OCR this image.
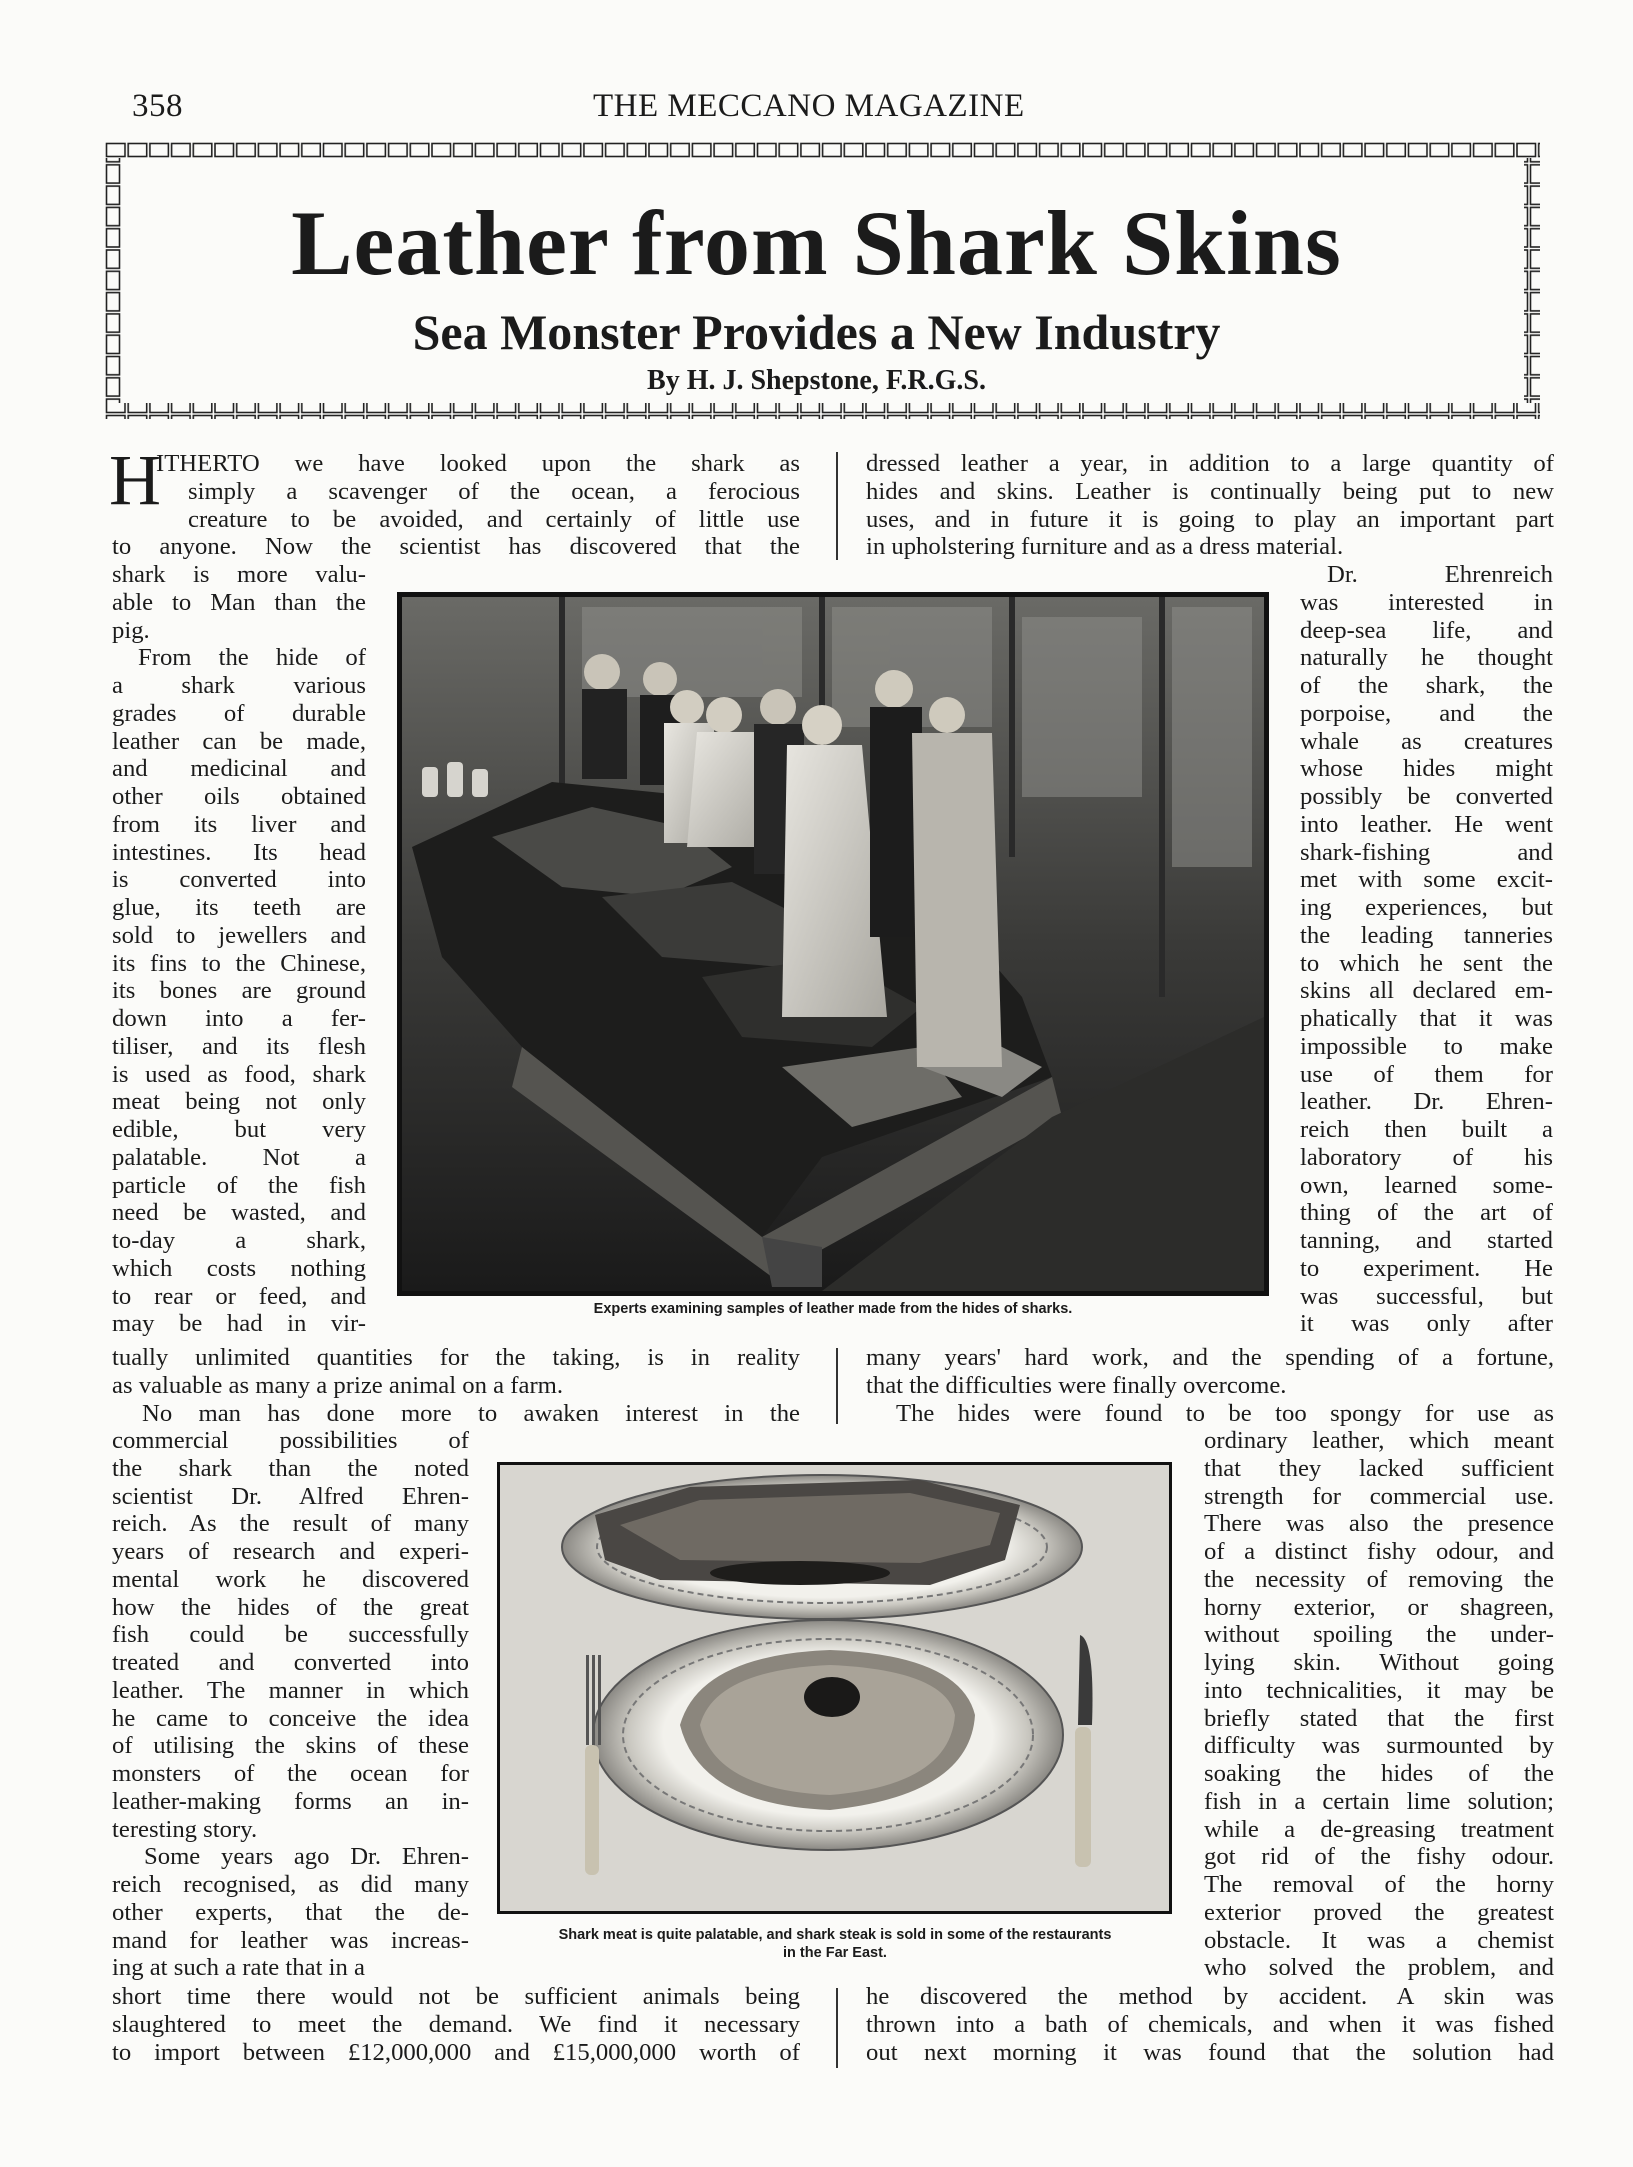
358	THE MECCANO MAGAZINE
Leather from Shark Skins
Sea Monster Provides a New Industry
By H. J. Shepstone, F.R.G.S.
H
ITHERTO we have looked upon the shark as
simply a scavenger of the ocean, a ferocious
creature to be avoided, and certainly of little use
to anyone. Now the scientist has discovered that the
shark is more valu-
able to Man than the
pig.
From the hide of
a shark various
grades of durable
leather can be made,
and medicinal and
other oils obtained
from its liver and
intestines. Its head
is converted into
glue, its teeth are
sold to jewellers and
its fins to the Chinese,
its bones are ground
down into a fer-
tiliser, and its flesh
is used as food, shark
meat being not only
edible, but very
palatable. Not a
particle of the fish
need be wasted, and
to-day a shark,
which costs nothing
to rear or feed, and
may be had in vir-
tually unlimited quantities for the taking, is in reality
as valuable as many a prize animal on a farm.
No man has done more to awaken interest in the
commercial possibilities of
the shark than the noted
scientist Dr. Alfred Ehren-
reich. As the result of many
years of research and experi-
mental work he discovered
how the hides of the great
fish could be successfully
treated and converted into
leather. The manner in which
he came to conceive the idea
of utilising the skins of these
monsters of the ocean for
leather-making forms an in-
teresting story.
Some years ago Dr. Ehren-
reich recognised, as did many
other experts, that the de-
mand for leather was increas-
ing at such a rate that in a
short time there would not be sufficient animals being
slaughtered to meet the demand. We find it necessary
to import between £12,000,000 and £15,000,000 worth of
dressed leather a year, in addition to a large quantity of
hides and skins. Leather is continually being put to new
uses, and in future it is going to play an important part
in upholstering furniture and as a dress material.
Dr. Ehrenreich
was interested in
deep-sea life, and
naturally he thought
of the shark, the
porpoise, and the
whale as creatures
whose hides might
possibly be converted
into leather. He went
shark-fishing and
met with some excit-
ing experiences, but
the leading tanneries
to which he sent the
skins all declared em-
phatically that it was
impossible to make
use of them for
leather. Dr. Ehren-
reich then built a
laboratory of his
own, learned some-
thing of the art of
tanning, and started
to experiment. He
was successful, but
it was only after
many years' hard work, and the spending of a fortune,
that the difficulties were finally overcome.
The hides were found to be too spongy for use as
ordinary leather, which meant
that they lacked sufficient
strength for commercial use.
There was also the presence
of a distinct fishy odour, and
the necessity of removing the
horny exterior, or shagreen,
without spoiling the under-
lying skin. Without going
into technicalities, it may be
briefly stated that the first
difficulty was surmounted by
soaking the hides of the
fish in a certain lime solution;
while a de-greasing treatment
got rid of the fishy odour.
The removal of the horny
exterior proved the greatest
obstacle. It was a chemist
who solved the problem, and
he discovered the method by accident. A skin was
thrown into a bath of chemicals, and when it was fished
out next morning it was found that the solution had
Experts examining samples of leather made from the hides of sharks.
Shark meat is quite palatable, and shark steak is sold in some of the restaurants
in the Far East.
